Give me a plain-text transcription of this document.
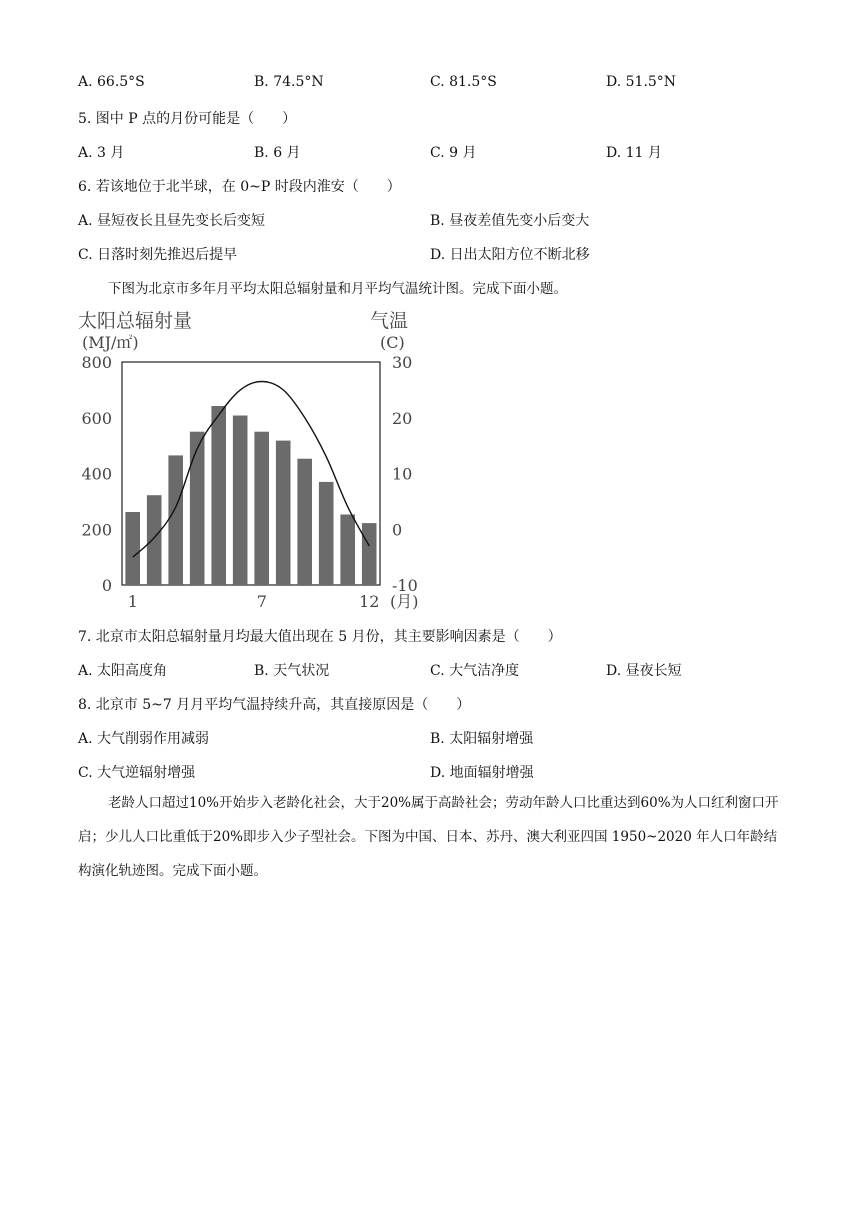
A. 66.5°S	B. 74.5°N	C. 81.5°S	D. 51.5°N
5. 图中 P 点的月份可能是（　　）
A. 3 月	B. 6 月	C. 9 月	D. 11 月
6. 若该地位于北半球，在 0~P 时段内淮安（　　）
A. 昼短夜长且昼先变长后变短	B. 昼夜差值先变小后变大
C. 日落时刻先推迟后提早	D. 日出太阳方位不断北移
下图为北京市多年月平均太阳总辐射量和月平均气温统计图。完成下面小题。
太阳总辐射量
(MJ/㎡)
气温
(C)
(月)
800
600
400
200
0
30
20
10
0
-10
1	7	12
7. 北京市太阳总辐射量月均最大值出现在 5 月份，其主要影响因素是（　　）
A. 太阳高度角	B. 天气状况	C. 大气洁净度	D. 昼夜长短
8. 北京市 5~7 月月平均气温持续升高，其直接原因是（　　）
A. 大气削弱作用减弱	B. 太阳辐射增强
C. 大气逆辐射增强	D. 地面辐射增强
老龄人口超过10%开始步入老龄化社会，大于20%属于高龄社会；劳动年龄人口比重达到60%为人口红利窗口开启；少儿人口比重低于20%即步入少子型社会。下图为中国、日本、苏丹、澳大利亚四国 1950~2020 年人口年龄结构演化轨迹图。完成下面小题。
